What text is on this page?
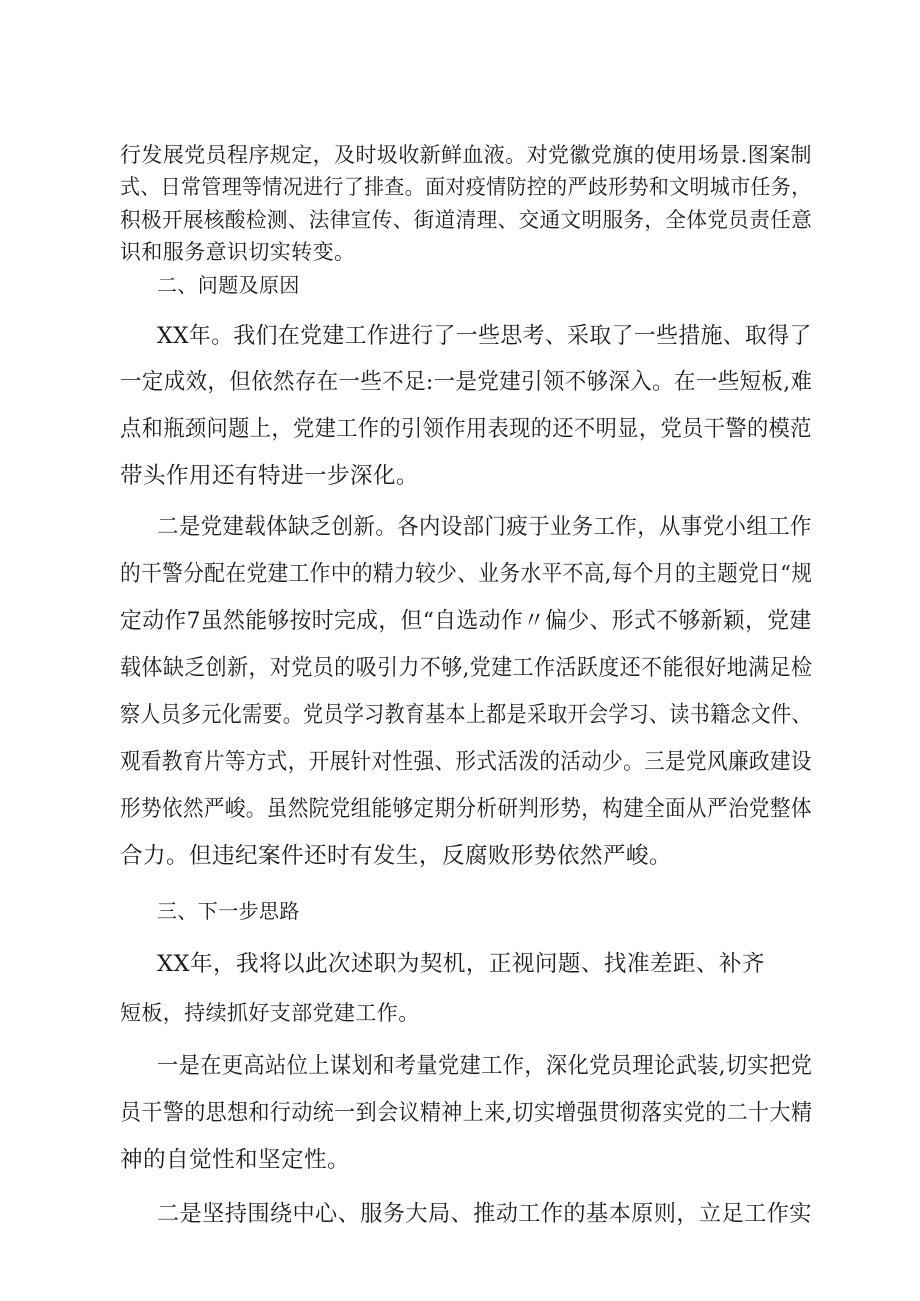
行发展党员程序规定，及时圾收新鲜血液。对党徽党旗的使用场景.图案制

式、日常管理等情况进行了排查。面对疫情防控的严歧形势和文明城市任务，

积极开展核酸检测、法律宣传、街道清理、交通文明服务，全体党员责任意

识和服务意识切实转变。

二、问题及原因

XX年。我们在党建工作进行了一些思考、采取了一些措施、取得了

一定成效，但依然存在一些不足:一是党建引领不够深入。在一些短板,难

点和瓶颈问题上，党建工作的引领作用表现的还不明显，党员干警的模范

带头作用还有特进一步深化。

二是党建载体缺乏创新。各内设部门疲于业务工作，从事党小组工作

的干警分配在党建工作中的精力较少、业务水平不高,每个月的主题党日“规

定动作7虽然能够按时完成，但“自选动作〃偏少、形式不够新颖，党建

载体缺乏创新，对党员的吸引力不够,党建工作活跃度还不能很好地满足检

察人员多元化需要。党员学习教育基本上都是采取开会学习、读书籍念文件、

观看教育片等方式，开展针对性强、形式活泼的活动少。三是党风廉政建设

形势依然严峻。虽然院党组能够定期分析研判形势，构建全面从严治党整体

合力。但违纪案件还时有发生，反腐败形势依然严峻。

三、下一步思路

XX年，我将以此次述职为契机，正视问题、找准差距、补齐

短板，持续抓好支部党建工作。

一是在更高站位上谋划和考量党建工作，深化党员理论武装,切实把党

员干警的思想和行动统一到会议精神上来,切实增强贯彻落实党的二十大精

神的自觉性和坚定性。

二是坚持围绕中心、服务大局、推动工作的基本原则，立足工作实
